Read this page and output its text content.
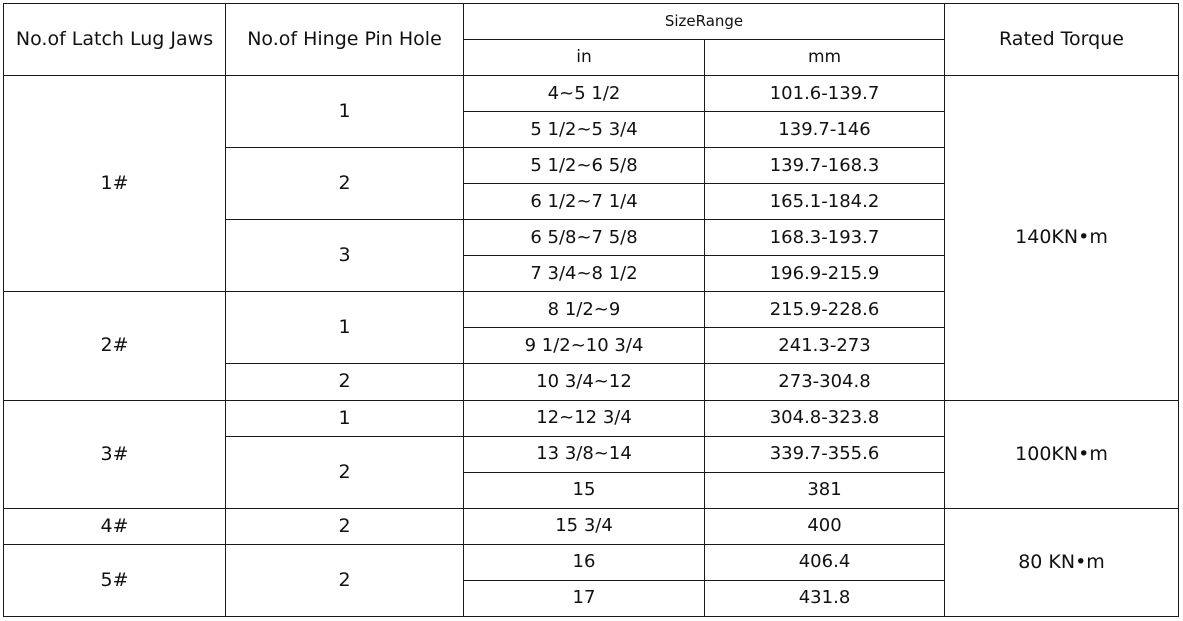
No.of Latch Lug Jaws	No.of Hinge Pin Hole	SizeRange		Rated Torque
		in	mm	
1#	1	4~5 1/2	101.6-139.7	140KN•m
		5 1/2~5 3/4	139.7-146	
	2	5 1/2~6 5/8	139.7-168.3	
		6 1/2~7 1/4	165.1-184.2	
	3	6 5/8~7 5/8	168.3-193.7	
		7 3/4~8 1/2	196.9-215.9	
2#	1	8 1/2~9	215.9-228.6	
		9 1/2~10 3/4	241.3-273	
	2	10 3/4~12	273-304.8	
3#	1	12~12 3/4	304.8-323.8	100KN•m
	2	13 3/8~14	339.7-355.6	
		15	381	
4#	2	15 3/4	400	80 KN•m
5#	2	16	406.4	
		17	431.8	
